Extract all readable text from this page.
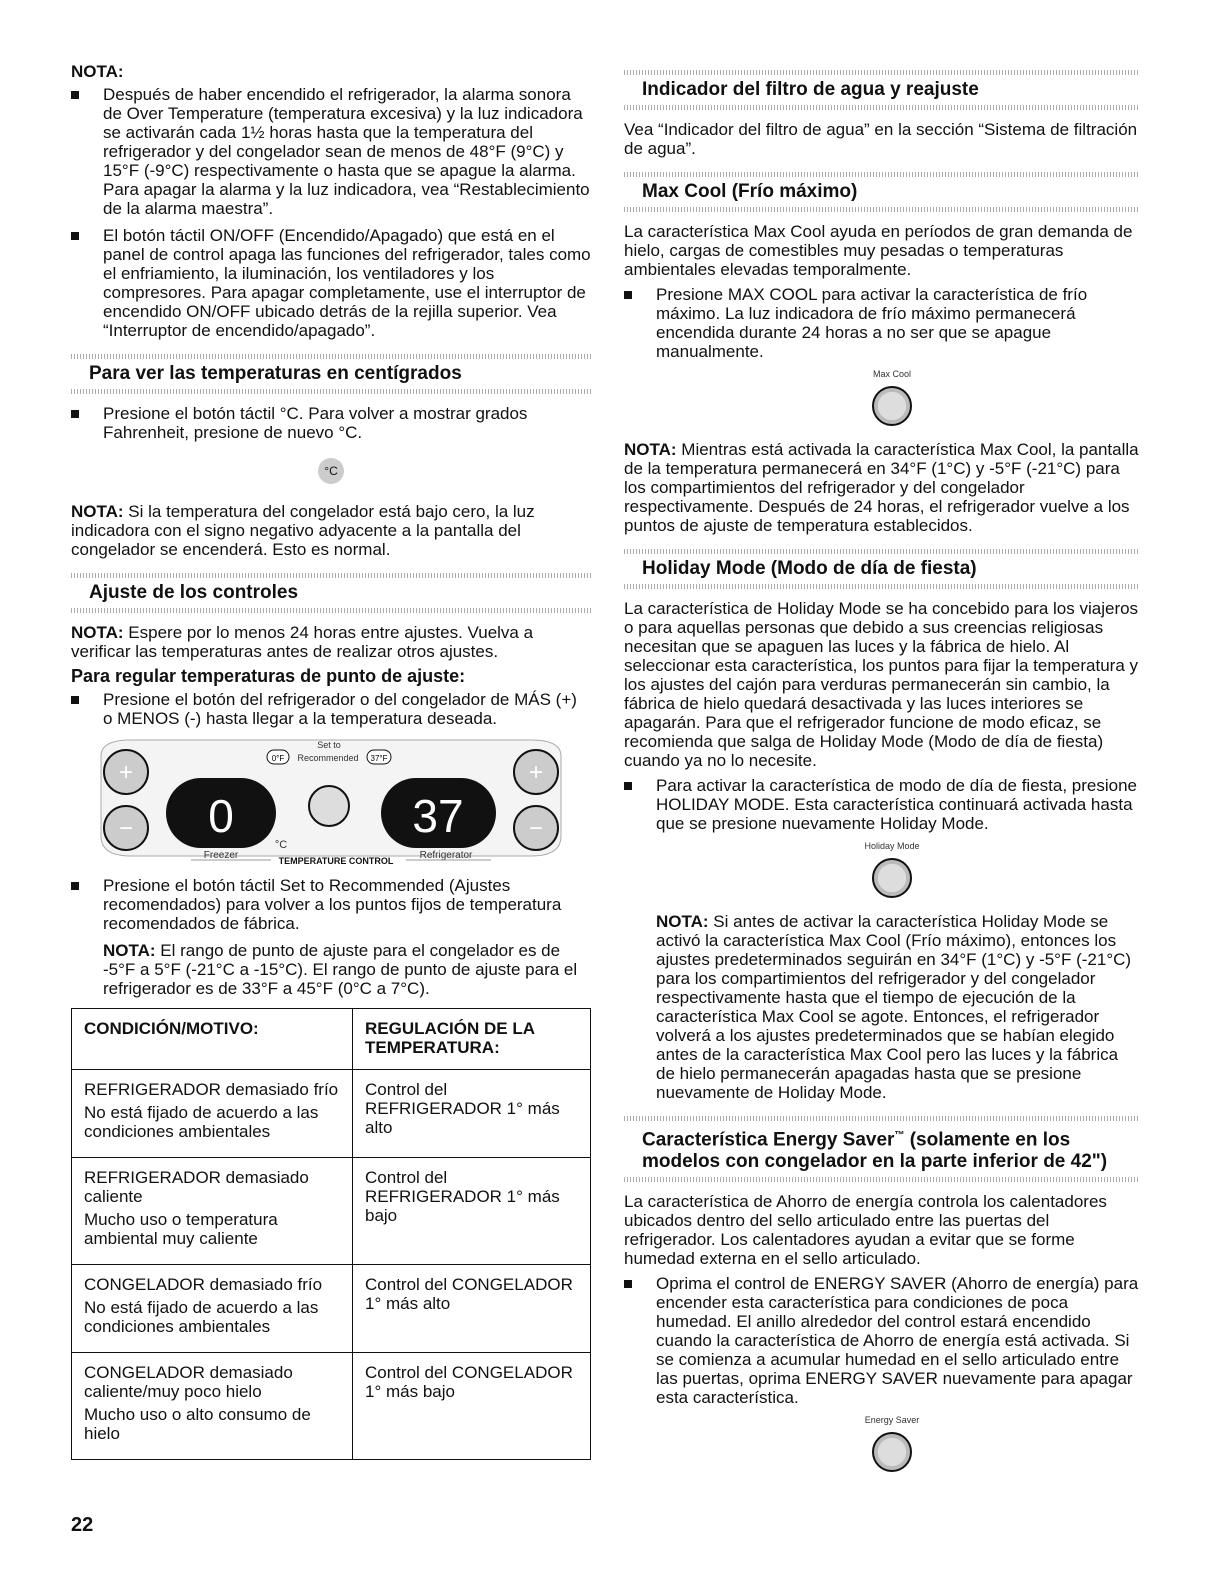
NOTA:

Después de haber encendido el refrigerador, la alarma sonora de Over Temperature (temperatura excesiva) y la luz indicadora se activarán cada 1½ horas hasta que la temperatura del refrigerador y del congelador sean de menos de 48°F (9°C) y 15°F (-9°C) respectivamente o hasta que se apague la alarma. Para apagar la alarma y la luz indicadora, vea “Restablecimiento de la alarma maestra”.
El botón táctil ON/OFF (Encendido/Apagado) que está en el panel de control apaga las funciones del refrigerador, tales como el enfriamiento, la iluminación, los ventiladores y los compresores. Para apagar completamente, use el interruptor de encendido ON/OFF ubicado detrás de la rejilla superior. Vea “Interruptor de encendido/apagado”.
Para ver las temperaturas en centígrados
Presione el botón táctil °C. Para volver a mostrar grados Fahrenheit, presione de nuevo °C.
°C

NOTA: Si la temperatura del congelador está bajo cero, la luz indicadora con el signo negativo adyacente a la pantalla del congelador se encenderá. Esto es normal.

Ajuste de los controles

NOTA: Espere por lo menos 24 horas entre ajustes. Vuelva a verificar las temperaturas antes de realizar otros ajustes.

Para regular temperaturas de punto de ajuste:

Presione el botón del refrigerador o del congelador de MÁS (+) o MENOS (-) hasta llegar a la temperatura deseada.
+
− 0
Freezer
Set to
0°F Recommended 37°F
°C
37
Refrigerator
+
−
TEMPERATURE CONTROL
Presione el botón táctil Set to Recommended (Ajustes recomendados) para volver a los puntos fijos de temperatura recomendados de fábrica.

NOTA: El rango de punto de ajuste para el congelador es de -5°F a 5°F (-21°C a -15°C). El rango de punto de ajuste para el refrigerador es de 33°F a 45°F (0°C a 7°C).

CONDICIÓN/MOTIVO:	REGULACIÓN DE LA TEMPERATURA:

REFRIGERADOR demasiado frío

No está fijado de acuerdo a las condiciones ambientales	Control del REFRIGERADOR 1° más alto

REFRIGERADOR demasiado caliente

Mucho uso o temperatura ambiental muy caliente	Control del REFRIGERADOR 1° más bajo

CONGELADOR demasiado frío

No está fijado de acuerdo a las condiciones ambientales	Control del CONGELADOR 1° más alto

CONGELADOR demasiado caliente/muy poco hielo

Mucho uso o alto consumo de hielo	Control del CONGELADOR 1° más bajo
Indicador del filtro de agua y reajuste

Vea “Indicador del filtro de agua” en la sección “Sistema de filtración de agua”.

Max Cool (Frío máximo)

La característica Max Cool ayuda en períodos de gran demanda de hielo, cargas de comestibles muy pesadas o temperaturas ambientales elevadas temporalmente.

Presione MAX COOL para activar la característica de frío máximo. La luz indicadora de frío máximo permanecerá encendida durante 24 horas a no ser que se apague manualmente.
Max Cool

NOTA: Mientras está activada la característica Max Cool, la pantalla de la temperatura permanecerá en 34°F (1°C) y -5°F (-21°C) para los compartimientos del refrigerador y del congelador respectivamente. Después de 24 horas, el refrigerador vuelve a los puntos de ajuste de temperatura establecidos.

Holiday Mode (Modo de día de fiesta)

La característica de Holiday Mode se ha concebido para los viajeros o para aquellas personas que debido a sus creencias religiosas necesitan que se apaguen las luces y la fábrica de hielo. Al seleccionar esta característica, los puntos para fijar la temperatura y los ajustes del cajón para verduras permanecerán sin cambio, la fábrica de hielo quedará desactivada y las luces interiores se apagarán. Para que el refrigerador funcione de modo eficaz, se recomienda que salga de Holiday Mode (Modo de día de fiesta) cuando ya no lo necesite.

Para activar la característica de modo de día de fiesta, presione HOLIDAY MODE. Esta característica continuará activada hasta que se presione nuevamente Holiday Mode.
Holiday Mode

NOTA: Si antes de activar la característica Holiday Mode se activó la característica Max Cool (Frío máximo), entonces los ajustes predeterminados seguirán en 34°F (1°C) y -5°F (-21°C) para los compartimientos del refrigerador y del congelador respectivamente hasta que el tiempo de ejecución de la característica Max Cool se agote. Entonces, el refrigerador volverá a los ajustes predeterminados que se habían elegido antes de la característica Max Cool pero las luces y la fábrica de hielo permanecerán apagadas hasta que se presione nuevamente de Holiday Mode.

Característica Energy Saver™ (solamente en los modelos con congelador en la parte inferior de 42")

La característica de Ahorro de energía controla los calentadores ubicados dentro del sello articulado entre las puertas del refrigerador. Los calentadores ayudan a evitar que se forme humedad externa en el sello articulado.

Oprima el control de ENERGY SAVER (Ahorro de energía) para encender esta característica para condiciones de poca humedad. El anillo alrededor del control estará encendido cuando la característica de Ahorro de energía está activada. Si se comienza a acumular humedad en el sello articulado entre las puertas, oprima ENERGY SAVER nuevamente para apagar esta característica.
Energy Saver
22
